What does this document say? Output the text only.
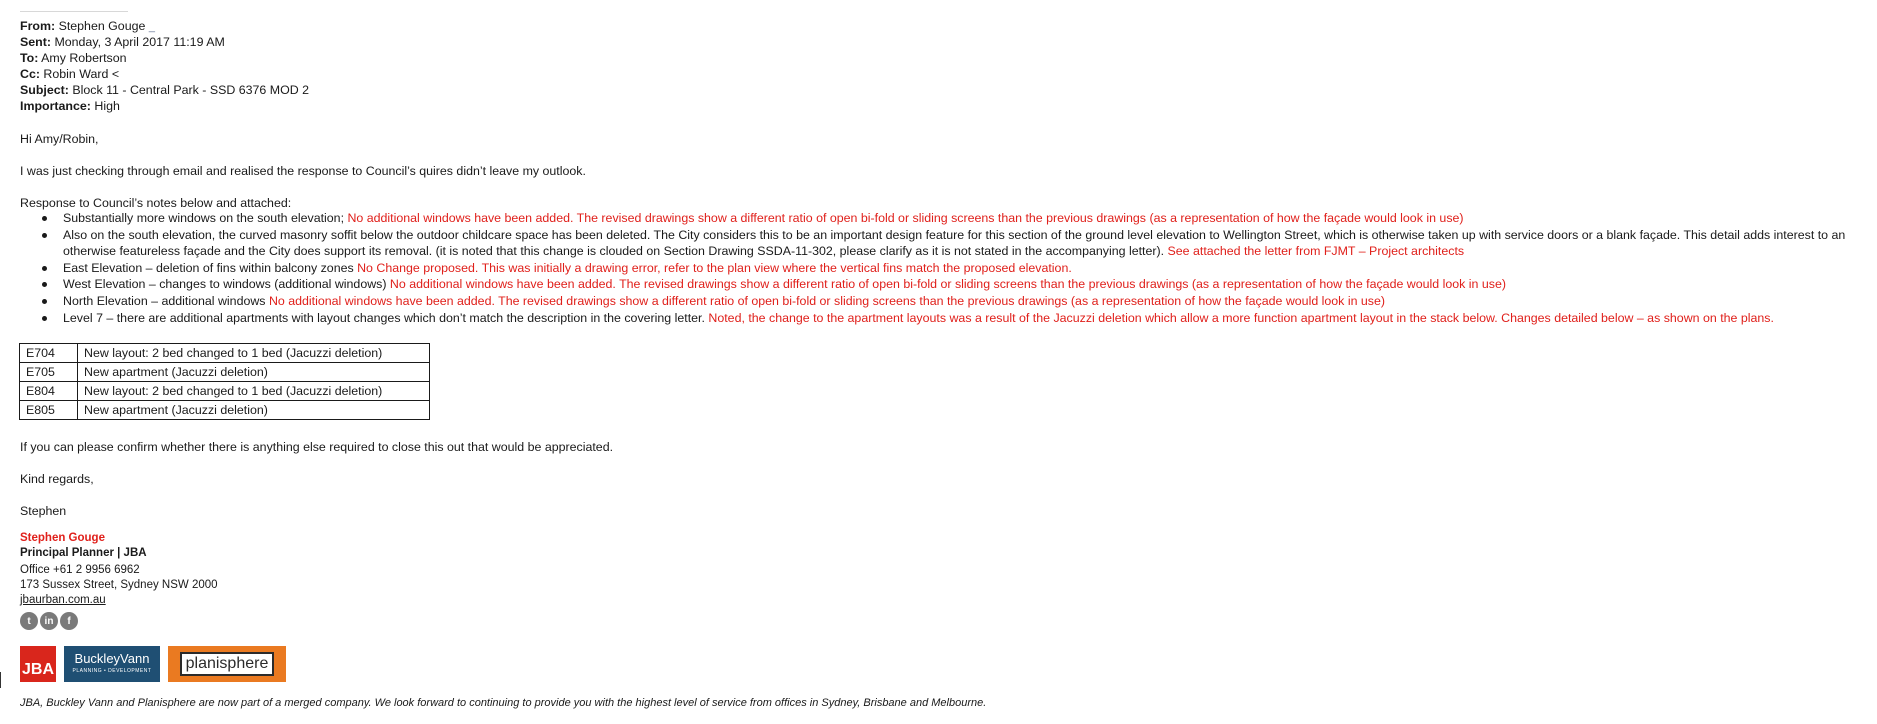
From: Stephen Gouge _
Sent: Monday, 3 April 2017 11:19 AM
To: Amy Robertson
Cc: Robin Ward <
Subject: Block 11 - Central Park - SSD 6376 MOD 2
Importance: High
Hi Amy/Robin,
I was just checking through email and realised the response to Council’s quires didn’t leave my outlook.
Response to Council’s notes below and attached:
Substantially more windows on the south elevation; No additional windows have been added. The revised drawings show a different ratio of open bi-fold or sliding screens than the previous drawings (as a representation of how the façade would look in use)
Also on the south elevation, the curved masonry soffit below the outdoor childcare space has been deleted. The City considers this to be an important design feature for this section of the ground level elevation to Wellington Street, which is otherwise taken up with service doors or a blank façade. This detail adds interest to an otherwise featureless façade and the City does support its removal. (it is noted that this change is clouded on Section Drawing SSDA-11-302, please clarify as it is not stated in the accompanying letter). See attached the letter from FJMT – Project architects
East Elevation – deletion of fins within balcony zones No Change proposed. This was initially a drawing error, refer to the plan view where the vertical fins match the proposed elevation.
West Elevation – changes to windows (additional windows) No additional windows have been added. The revised drawings show a different ratio of open bi-fold or sliding screens than the previous drawings (as a representation of how the façade would look in use)
North Elevation – additional windows No additional windows have been added. The revised drawings show a different ratio of open bi-fold or sliding screens than the previous drawings (as a representation of how the façade would look in use)
Level 7 – there are additional apartments with layout changes which don’t match the description in the covering letter. Noted, the change to the apartment layouts was a result of the Jacuzzi deletion which allow a more function apartment layout in the stack below. Changes detailed below – as shown on the plans.
E704	New layout: 2 bed changed to 1 bed (Jacuzzi deletion)
E705	New apartment (Jacuzzi deletion)
E804	New layout: 2 bed changed to 1 bed (Jacuzzi deletion)
E805	New apartment (Jacuzzi deletion)
If you can please confirm whether there is anything else required to close this out that would be appreciated.
Kind regards,
Stephen
Stephen Gouge
Principal Planner | JBA
Office +61 2 9956 6962
173 Sussex Street, Sydney NSW 2000
jbaurban.com.au
t	in	f
JBA
BuckleyVann
PLANNING • DEVELOPMENT	planisphere
JBA, Buckley Vann and Planisphere are now part of a merged company. We look forward to continuing to provide you with the highest level of service from offices in Sydney, Brisbane and Melbourne.
